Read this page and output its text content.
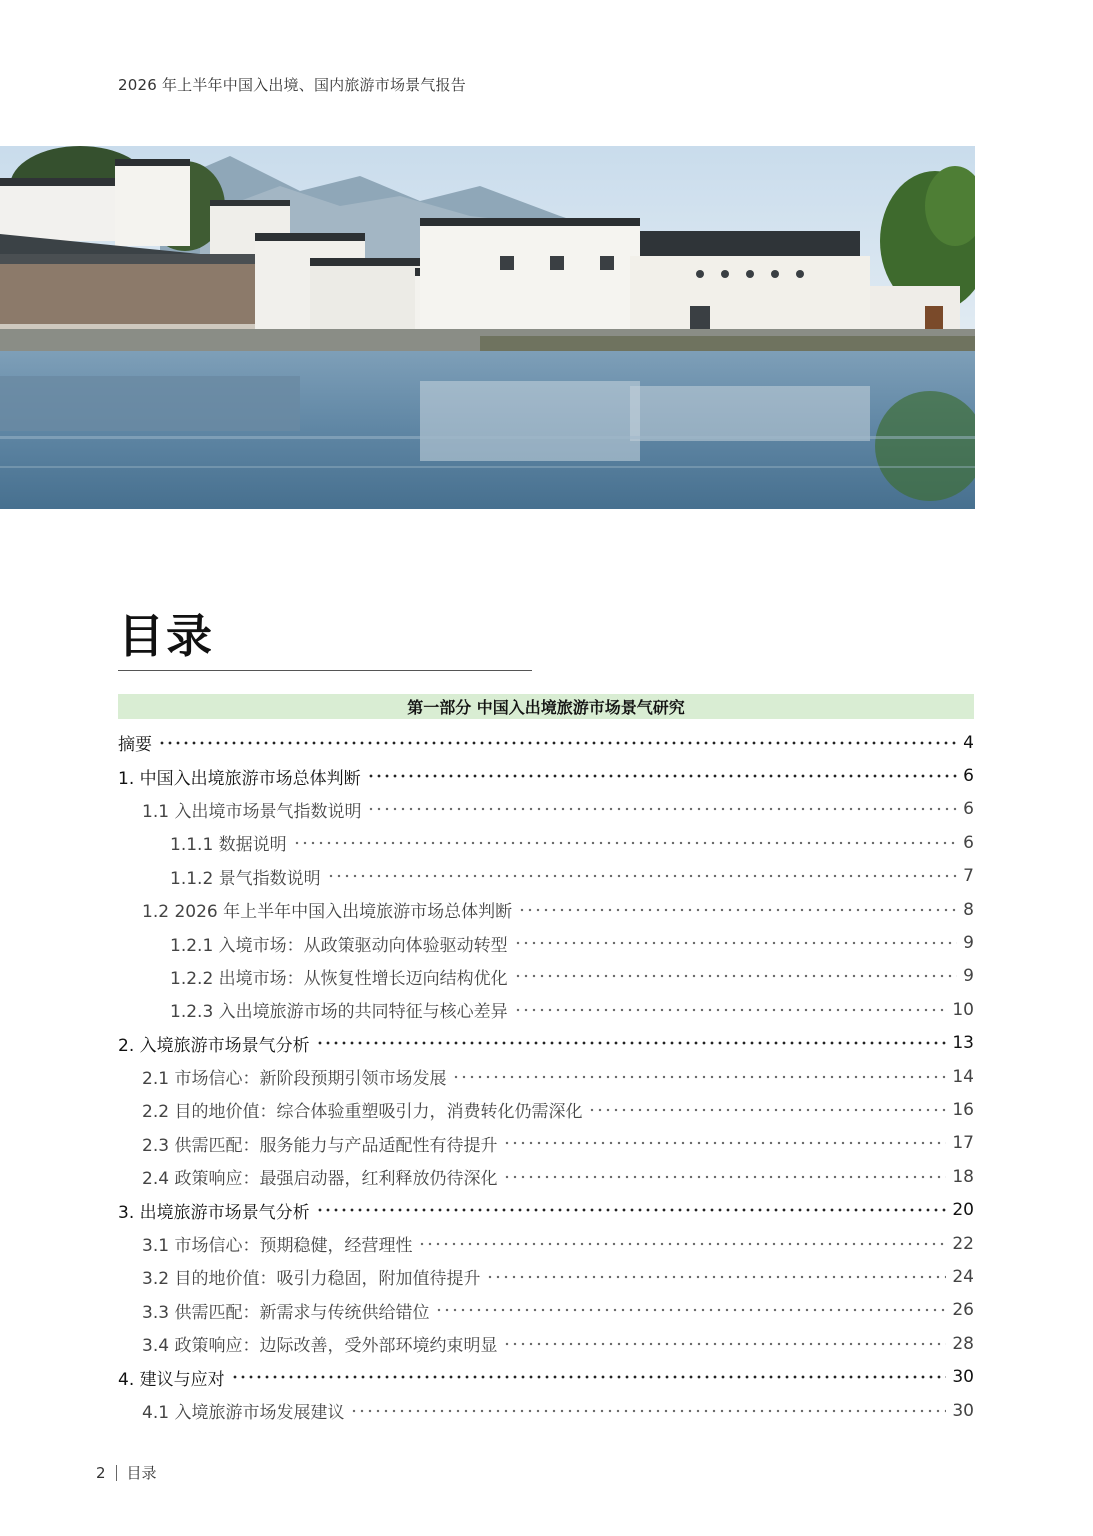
2026 年上半年中国入出境、国内旅游市场景气报告
目录
第一部分 中国入出境旅游市场景气研究
摘要	4
1. 中国入出境旅游市场总体判断	6
1.1 入出境市场景气指数说明	6
1.1.1 数据说明	6
1.1.2 景气指数说明	7
1.2 2026 年上半年中国入出境旅游市场总体判断	8
1.2.1 入境市场：从政策驱动向体验驱动转型	9
1.2.2 出境市场：从恢复性增长迈向结构优化	9
1.2.3 入出境旅游市场的共同特征与核心差异	10
2. 入境旅游市场景气分析	13
2.1 市场信心：新阶段预期引领市场发展	14
2.2 目的地价值：综合体验重塑吸引力，消费转化仍需深化	16
2.3 供需匹配：服务能力与产品适配性有待提升	17
2.4 政策响应：最强启动器，红利释放仍待深化	18
3. 出境旅游市场景气分析	20
3.1 市场信心：预期稳健，经营理性	22
3.2 目的地价值：吸引力稳固，附加值待提升	24
3.3 供需匹配：新需求与传统供给错位	26
3.4 政策响应：边际改善，受外部环境约束明显	28
4. 建议与应对	30
4.1 入境旅游市场发展建议	30
2 目录
